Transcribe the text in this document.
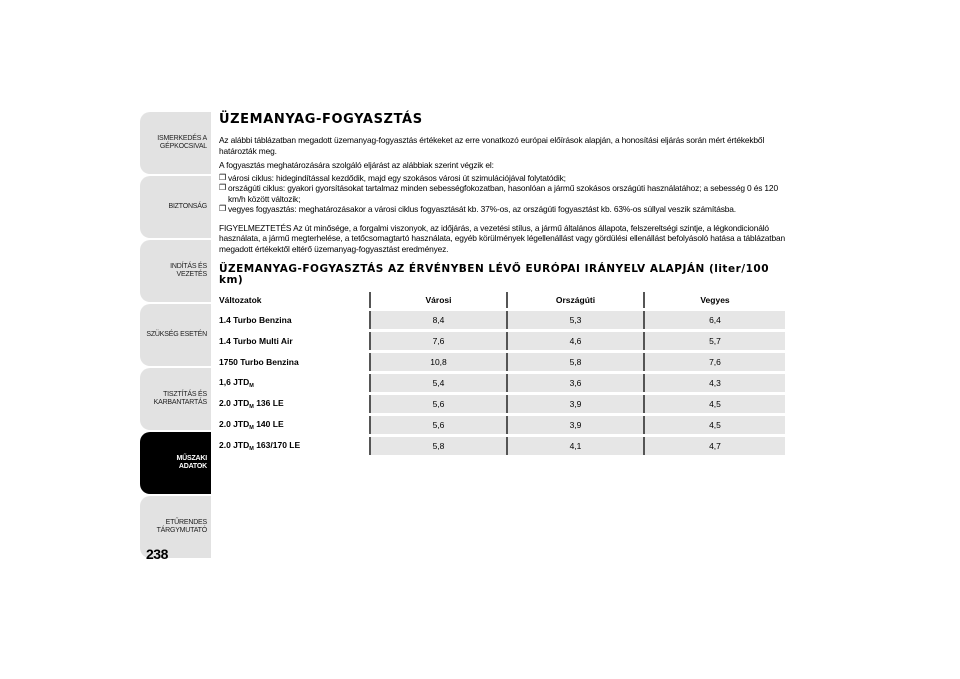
ISMERKEDÉS A
GÉPKOCSIVAL
BIZTONSÁG
INDÍTÁS ÉS VEZETÉS
SZÜKSÉG ESETÉN
TISZTÍTÁS ÉS
KARBANTARTÁS
MŰSZAKI
ADATOK
ETŰRENDES
TÁRGYMUTATÓ
238
ÜZEMANYAG-FOGYASZTÁS

Az alábbi táblázatban megadott üzemanyag-fogyasztás értékeket az erre vonatkozó európai előírások alapján, a honosítási eljárás során mért értékekből határozták meg.

A fogyasztás meghatározására szolgáló eljárást az alábbiak szerint végzik el:

❒ városi ciklus: hidegindítással kezdődik, majd egy szokásos városi út szimulációjával folytatódik;
❒ országúti ciklus: gyakori gyorsításokat tartalmaz minden sebességfokozatban, hasonlóan a jármű szokásos országúti használatához; a sebesség 0 és 120 km/h között változik;
❒ vegyes fogyasztás: meghatározásakor a városi ciklus fogyasztását kb. 37%-os, az országúti fogyasztást kb. 63%-os súllyal veszik számításba.

FIGYELMEZTETÉS Az út minősége, a forgalmi viszonyok, az időjárás, a vezetési stílus, a jármű általános állapota, felszereltségi szintje, a légkondicionáló használata, a jármű megterhelése, a tetőcsomagtartó használata, egyéb körülmények légellenállást vagy gördülési ellenállást befolyásoló hatása a táblázatban megadott értékektől eltérő üzemanyag-fogyasztást eredményez.

ÜZEMANYAG-FOGYASZTÁS AZ ÉRVÉNYBEN LÉVŐ EURÓPAI IRÁNYELV ALAPJÁN (liter/100 km)
Változatok	Városi	Országúti	Vegyes
1.4 Turbo Benzina	8,4	5,3	6,4
1.4 Turbo Multi Air	7,6	4,6	5,7
1750 Turbo Benzina	10,8	5,8	7,6
1,6 $JTD_M$	5,4	3,6	4,3
2.0 $JTD_M$ 136 LE	5,6	3,9	4,5
2.0 $JTD_M$ 140 LE	5,6	3,9	4,5
2.0 $JTD_M$ 163/170 LE	5,8	4,1	4,7
